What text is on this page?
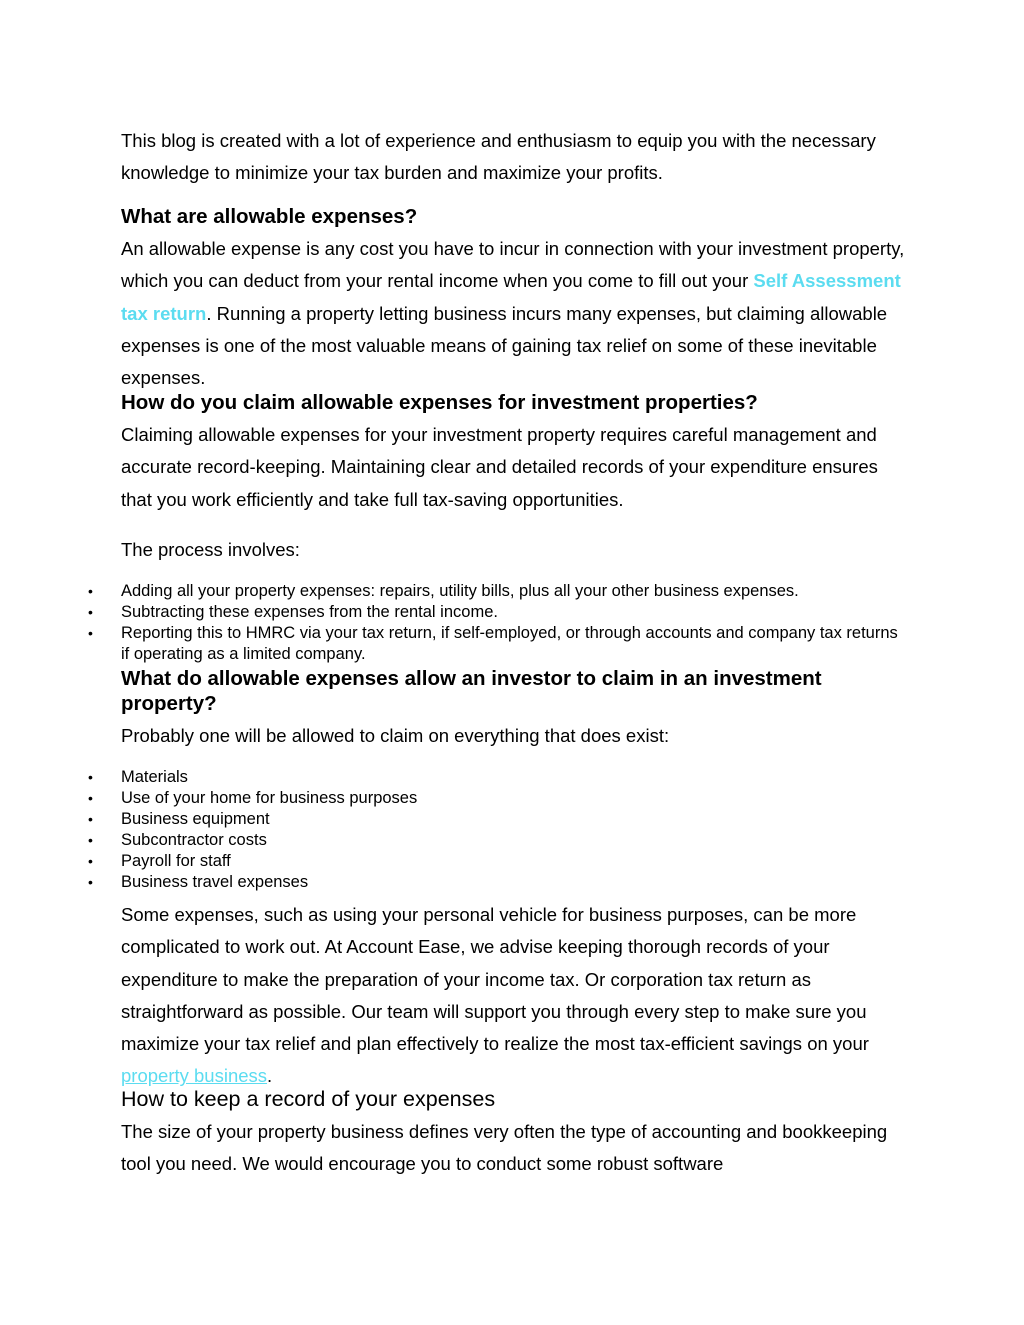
This blog is created with a lot of experience and enthusiasm to equip you with the necessary knowledge to minimize your tax burden and maximize your profits.

What are allowable expenses?

An allowable expense is any cost you have to incur in connection with your investment property, which you can deduct from your rental income when you come to fill out your Self Assessment tax return. Running a property letting business incurs many expenses, but claiming allowable expenses is one of the most valuable means of gaining tax relief on some of these inevitable expenses.

How do you claim allowable expenses for investment properties?

Claiming allowable expenses for your investment property requires careful management and accurate record-keeping. Maintaining clear and detailed records of your expenditure ensures that you work efficiently and take full tax-saving opportunities.

The process involves:

• Adding all your property expenses: repairs, utility bills, plus all your other business expenses.
• Subtracting these expenses from the rental income.
• Reporting this to HMRC via your tax return, if self-employed, or through accounts and company tax returns if operating as a limited company.
What do allowable expenses allow an investor to claim in an investment property?

Probably one will be allowed to claim on everything that does exist:

• Materials
• Use of your home for business purposes
• Business equipment
• Subcontractor costs
• Payroll for staff
• Business travel expenses

Some expenses, such as using your personal vehicle for business purposes, can be more complicated to work out. At Account Ease, we advise keeping thorough records of your expenditure to make the preparation of your income tax. Or corporation tax return as straightforward as possible. Our team will support you through every step to make sure you maximize your tax relief and plan effectively to realize the most tax-efficient savings on your property business.

How to keep a record of your expenses

The size of your property business defines very often the type of accounting and bookkeeping tool you need. We would encourage you to conduct some robust software
